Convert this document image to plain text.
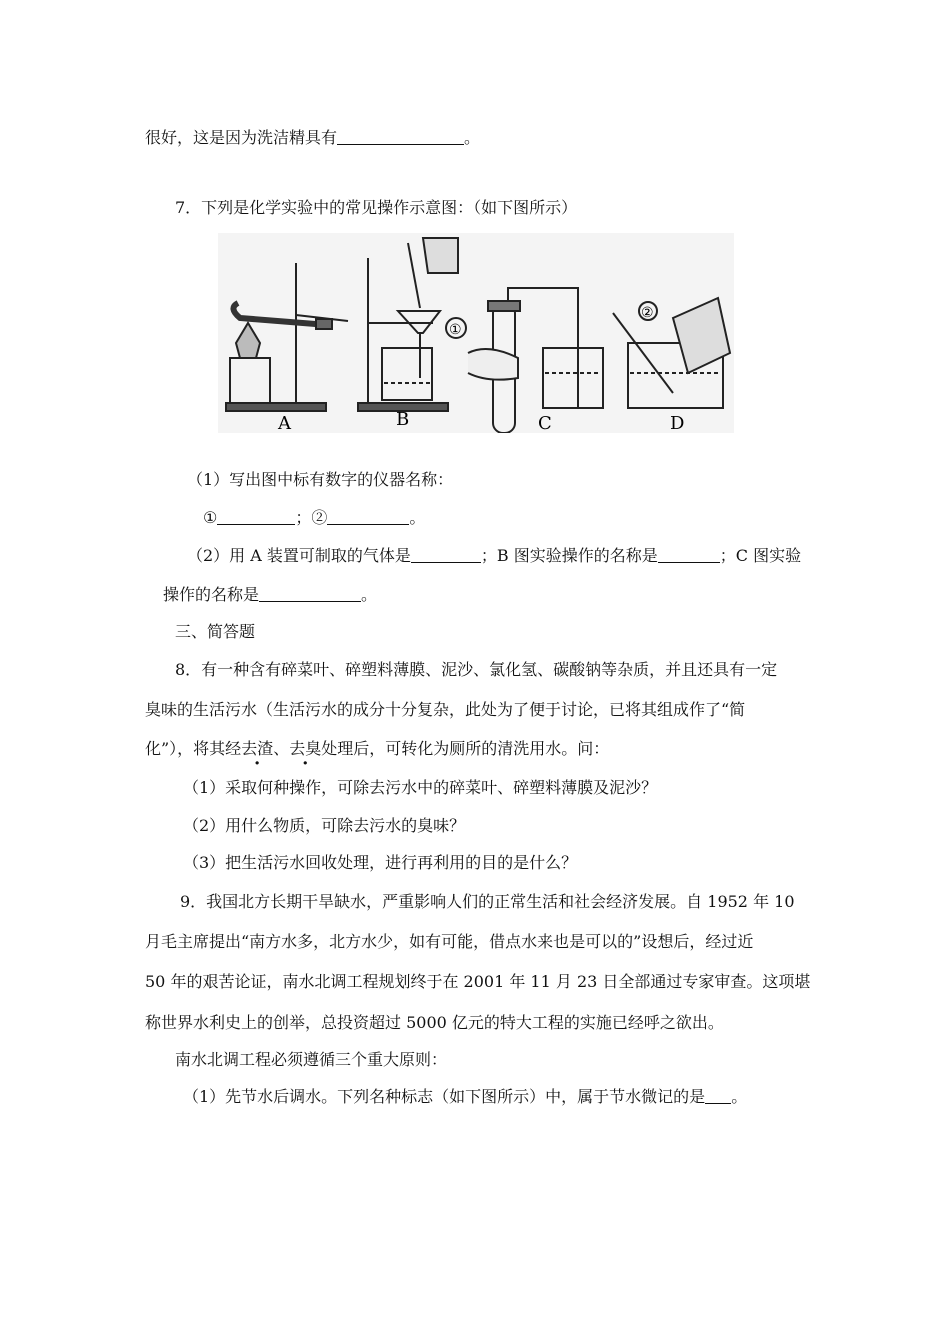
很好，这是因为洗洁精具有	。
7．下列是化学实验中的常见操作示意图：（如下图所示）
A	B	C	D
①
②
（1）写出图中标有数字的仪器名称：
①	；②	。
（2）用 A 装置可制取的气体是	；B 图实验操作的名称是	；C 图实验
操作的名称是	。
三、简答题
8．有一种含有碎菜叶、碎塑料薄膜、泥沙、氯化氢、碳酸钠等杂质，并且还具有一定
臭味的生活污水（生活污水的成分十分复杂，此处为了便于讨论，已将其组成作了“简
化”），将其经去渣、去臭处理后，可转化为厕所的清洗用水。问：
（1）采取何种操作，可除去污水中的碎菜叶、碎塑料薄膜及泥沙？
（2）用什么物质，可除去污水的臭味？
（3）把生活污水回收处理，进行再利用的目的是什么？
9．我国北方长期干旱缺水，严重影响人们的正常生活和社会经济发展。自 1952 年 10
月毛主席提出“南方水多，北方水少，如有可能，借点水来也是可以的”设想后，经过近
50 年的艰苦论证，南水北调工程规划终于在 2001 年 11 月 23 日全部通过专家审查。这项堪
称世界水利史上的创举，总投资超过 5000 亿元的特大工程的实施已经呼之欲出。
南水北调工程必须遵循三个重大原则：
（1）先节水后调水。下列名种标志（如下图所示）中，属于节水微记的是 。
